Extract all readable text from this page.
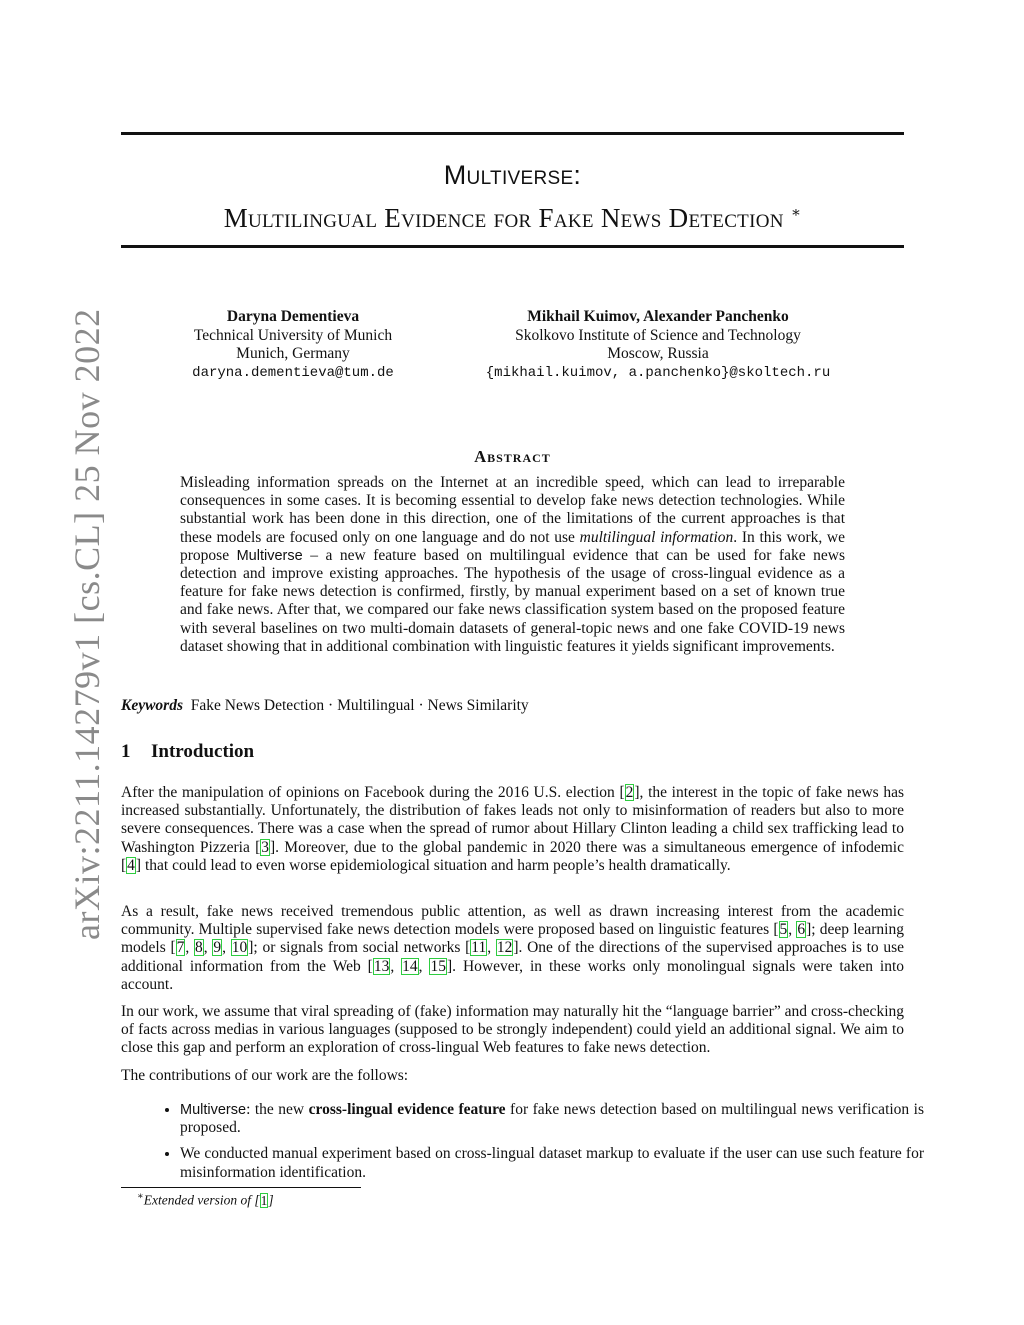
arXiv:2211.14279v1 [cs.CL] 25 Nov 2022
Multiverse:
Multilingual Evidence for Fake News Detection ∗
Daryna Dementieva
Technical University of Munich
Munich, Germany
daryna.dementieva@tum.de
Mikhail Kuimov, Alexander Panchenko
Skolkovo Institute of Science and Technology
Moscow, Russia
{mikhail.kuimov, a.panchenko}@skoltech.ru
Abstract
Misleading information spreads on the Internet at an incredible speed, which can lead to irreparable consequences in some cases. It is becoming essential to develop fake news detection technologies. While substantial work has been done in this direction, one of the limitations of the current approaches is that these models are focused only on one language and do not use multilingual information. In this work, we propose Multiverse – a new feature based on multilingual evidence that can be used for fake news detection and improve existing approaches. The hypothesis of the usage of cross-lingual evidence as a feature for fake news detection is confirmed, firstly, by manual experiment based on a set of known true and fake news. After that, we compared our fake news classification system based on the proposed feature with several baselines on two multi-domain datasets of general-topic news and one fake COVID-19 news dataset showing that in additional combination with linguistic features it yields significant improvements.
Keywords Fake News Detection · Multilingual · News Similarity
1 Introduction
After the manipulation of opinions on Facebook during the 2016 U.S. election [2], the interest in the topic of fake news has increased substantially. Unfortunately, the distribution of fakes leads not only to misinformation of readers but also to more severe consequences. There was a case when the spread of rumor about Hillary Clinton leading a child sex trafficking lead to Washington Pizzeria [3]. Moreover, due to the global pandemic in 2020 there was a simultaneous emergence of infodemic [4] that could lead to even worse epidemiological situation and harm people’s health dramatically.
As a result, fake news received tremendous public attention, as well as drawn increasing interest from the academic community. Multiple supervised fake news detection models were proposed based on linguistic features [5, 6]; deep learning models [7, 8, 9, 10]; or signals from social networks [11, 12]. One of the directions of the supervised approaches is to use additional information from the Web [13, 14, 15]. However, in these works only monolingual signals were taken into account.
In our work, we assume that viral spreading of (fake) information may naturally hit the “language barrier” and cross-checking of facts across medias in various languages (supposed to be strongly independent) could yield an additional signal. We aim to close this gap and perform an exploration of cross-lingual Web features to fake news detection.
The contributions of our work are the follows:
• Multiverse: the new cross-lingual evidence feature for fake news detection based on multilingual news verification is proposed.
• We conducted manual experiment based on cross-lingual dataset markup to evaluate if the user can use such feature for misinformation identification.
∗Extended version of [1]
